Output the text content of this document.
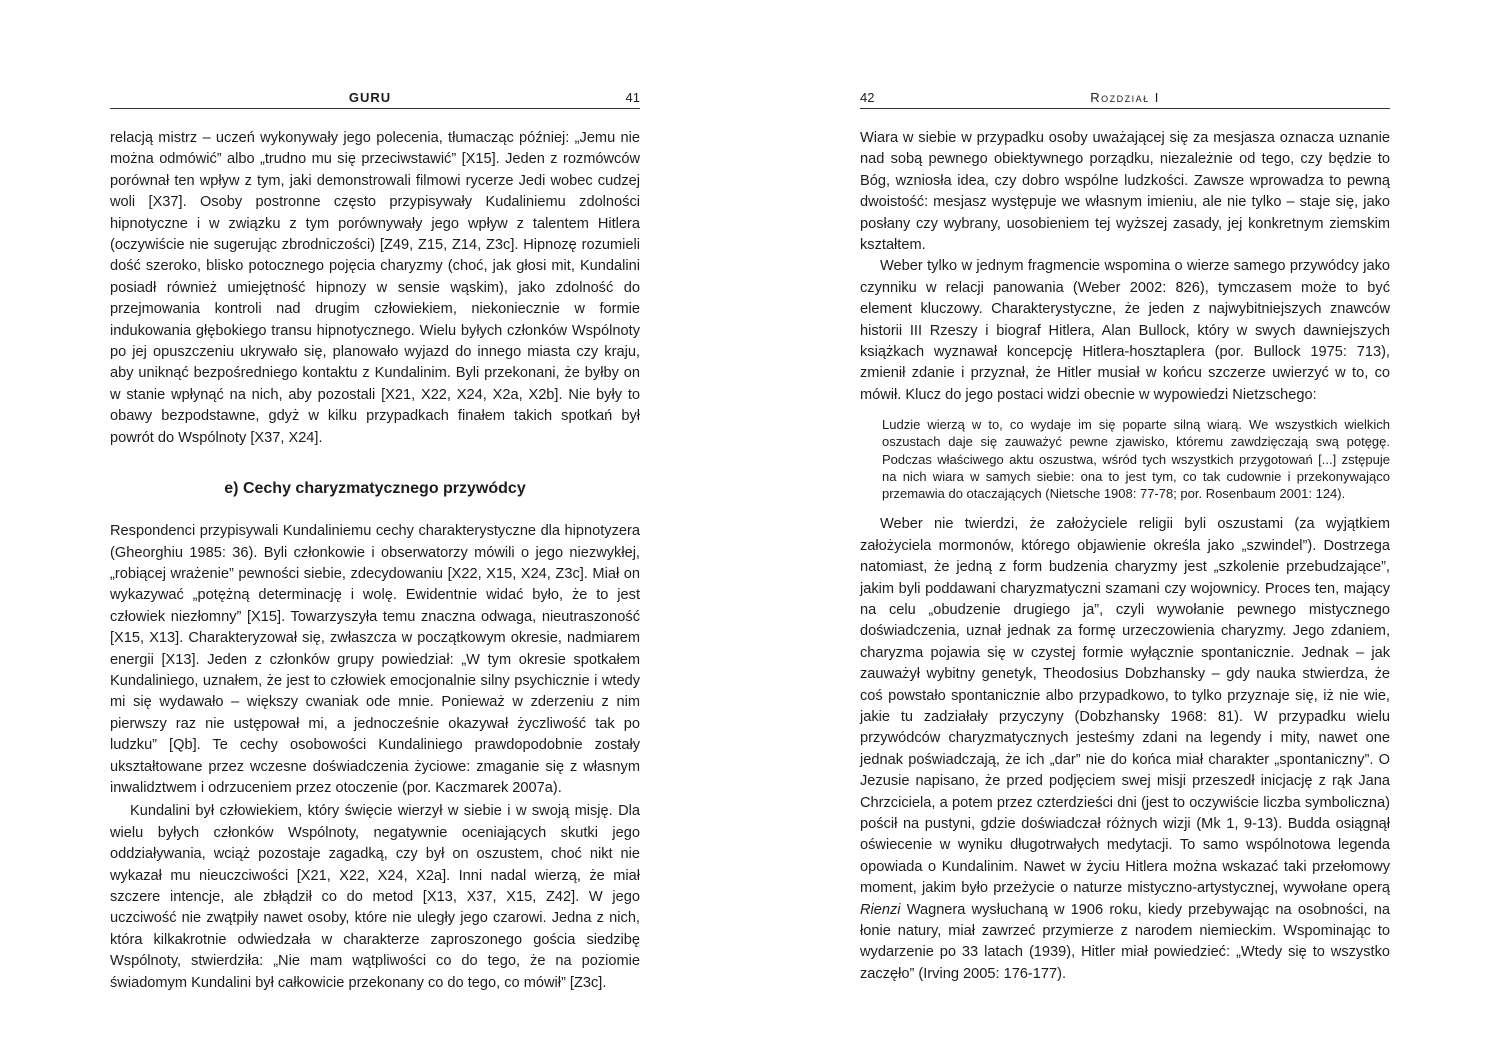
GURU	41

relacją mistrz – uczeń wykonywały jego polecenia, tłumacząc później: „Jemu nie można odmówić” albo „trudno mu się przeciwstawić” [X15]. Jeden z rozmówców porównał ten wpływ z tym, jaki demonstrowali filmowi rycerze Jedi wobec cudzej woli [X37]. Osoby postronne często przypisywały Kudaliniemu zdolności hipnotyczne i w związku z tym porównywały jego wpływ z talentem Hitlera (oczywiście nie sugerując zbrodniczości) [Z49, Z15, Z14, Z3c]. Hipnozę rozumieli dość szeroko, blisko potocznego pojęcia charyzmy (choć, jak głosi mit, Kundalini posiadł również umiejętność hipnozy w sensie wąskim), jako zdolność do przejmowania kontroli nad drugim człowiekiem, niekoniecznie w formie indukowania głębokiego transu hipnotycznego. Wielu byłych członków Wspólnoty po jej opuszczeniu ukrywało się, planowało wyjazd do innego miasta czy kraju, aby uniknąć bezpośredniego kontaktu z Kundalinim. Byli przekonani, że byłby on w stanie wpłynąć na nich, aby pozostali [X21, X22, X24, X2a, X2b]. Nie były to obawy bezpodstawne, gdyż w kilku przypadkach finałem takich spotkań był powrót do Wspólnoty [X37, X24].

e) Cechy charyzmatycznego przywódcy

Respondenci przypisywali Kundaliniemu cechy charakterystyczne dla hipnotyzera (Gheorghiu 1985: 36). Byli członkowie i obserwatorzy mówili o jego niezwykłej, „robiącej wrażenie” pewności siebie, zdecydowaniu [X22, X15, X24, Z3c]. Miał on wykazywać „potężną determinację i wolę. Ewidentnie widać było, że to jest człowiek niezłomny” [X15]. Towarzyszyła temu znaczna odwaga, nieutraszoność [X15, X13]. Charakteryzował się, zwłaszcza w początkowym okresie, nadmiarem energii [X13]. Jeden z członków grupy powiedział: „W tym okresie spotkałem Kundaliniego, uznałem, że jest to człowiek emocjonalnie silny psychicznie i wtedy mi się wydawało – większy cwaniak ode mnie. Ponieważ w zderzeniu z nim pierwszy raz nie ustępował mi, a jednocześnie okazywał życzliwość tak po ludzku” [Qb]. Te cechy osobowości Kundaliniego prawdopodobnie zostały ukształtowane przez wczesne doświadczenia życiowe: zmaganie się z własnym inwalidztwem i odrzuceniem przez otoczenie (por. Kaczmarek 2007a).

Kundalini był człowiekiem, który święcie wierzył w siebie i w swoją misję. Dla wielu byłych członków Wspólnoty, negatywnie oceniających skutki jego oddziaływania, wciąż pozostaje zagadką, czy był on oszustem, choć nikt nie wykazał mu nieuczciwości [X21, X22, X24, X2a]. Inni nadal wierzą, że miał szczere intencje, ale zbłądził co do metod [X13, X37, X15, Z42]. W jego uczciwość nie zwątpiły nawet osoby, które nie uległy jego czarowi. Jedna z nich, która kilkakrotnie odwiedzała w charakterze zaproszonego gościa siedzibę Wspólnoty, stwierdziła: „Nie mam wątpliwości co do tego, że na poziomie świadomym Kundalini był całkowicie przekonany co do tego, co mówił” [Z3c].

42	Rozdział I

Wiara w siebie w przypadku osoby uważającej się za mesjasza oznacza uznanie nad sobą pewnego obiektywnego porządku, niezależnie od tego, czy będzie to Bóg, wzniosła idea, czy dobro wspólne ludzkości. Zawsze wprowadza to pewną dwoistość: mesjasz występuje we własnym imieniu, ale nie tylko – staje się, jako posłany czy wybrany, uosobieniem tej wyższej zasady, jej konkretnym ziemskim kształtem.

Weber tylko w jednym fragmencie wspomina o wierze samego przywódcy jako czynniku w relacji panowania (Weber 2002: 826), tymczasem może to być element kluczowy. Charakterystyczne, że jeden z najwybitniejszych znawców historii III Rzeszy i biograf Hitlera, Alan Bullock, który w swych dawniejszych książkach wyznawał koncepcję Hitlera-hosztaplera (por. Bullock 1975: 713), zmienił zdanie i przyznał, że Hitler musiał w końcu szczerze uwierzyć w to, co mówił. Klucz do jego postaci widzi obecnie w wypowiedzi Nietzschego:

Ludzie wierzą w to, co wydaje im się poparte silną wiarą. We wszystkich wielkich oszustach daje się zauważyć pewne zjawisko, któremu zawdzięczają swą potęgę. Podczas właściwego aktu oszustwa, wśród tych wszystkich przygotowań [...] zstępuje na nich wiara w samych siebie: ona to jest tym, co tak cudownie i przekonywająco przemawia do otaczających (Nietsche 1908: 77-78; por. Rosenbaum 2001: 124).

Weber nie twierdzi, że założyciele religii byli oszustami (za wyjątkiem założyciela mormonów, którego objawienie określa jako „szwindel”). Dostrzega natomiast, że jedną z form budzenia charyzmy jest „szkolenie przebudzające”, jakim byli poddawani charyzmatyczni szamani czy wojownicy. Proces ten, mający na celu „obudzenie drugiego ja”, czyli wywołanie pewnego mistycznego doświadczenia, uznał jednak za formę urzeczowienia charyzmy. Jego zdaniem, charyzma pojawia się w czystej formie wyłącznie spontanicznie. Jednak – jak zauważył wybitny genetyk, Theodosius Dobzhansky – gdy nauka stwierdza, że coś powstało spontanicznie albo przypadkowo, to tylko przyznaje się, iż nie wie, jakie tu zadziałały przyczyny (Dobzhansky 1968: 81). W przypadku wielu przywódców charyzmatycznych jesteśmy zdani na legendy i mity, nawet one jednak poświadczają, że ich „dar” nie do końca miał charakter „spontaniczny”. O Jezusie napisano, że przed podjęciem swej misji przeszedł inicjację z rąk Jana Chrzciciela, a potem przez czterdzieści dni (jest to oczywiście liczba symboliczna) pościł na pustyni, gdzie doświadczał różnych wizji (Mk 1, 9-13). Budda osiągnął oświecenie w wyniku długotrwałych medytacji. To samo wspólnotowa legenda opowiada o Kundalinim. Nawet w życiu Hitlera można wskazać taki przełomowy moment, jakim było przeżycie o naturze mistyczno-artystycznej, wywołane operą Rienzi Wagnera wysłuchaną w 1906 roku, kiedy przebywając na osobności, na łonie natury, miał zawrzeć przymierze z narodem niemieckim. Wspominając to wydarzenie po 33 latach (1939), Hitler miał powiedzieć: „Wtedy się to wszystko zaczęło” (Irving 2005: 176-177).
